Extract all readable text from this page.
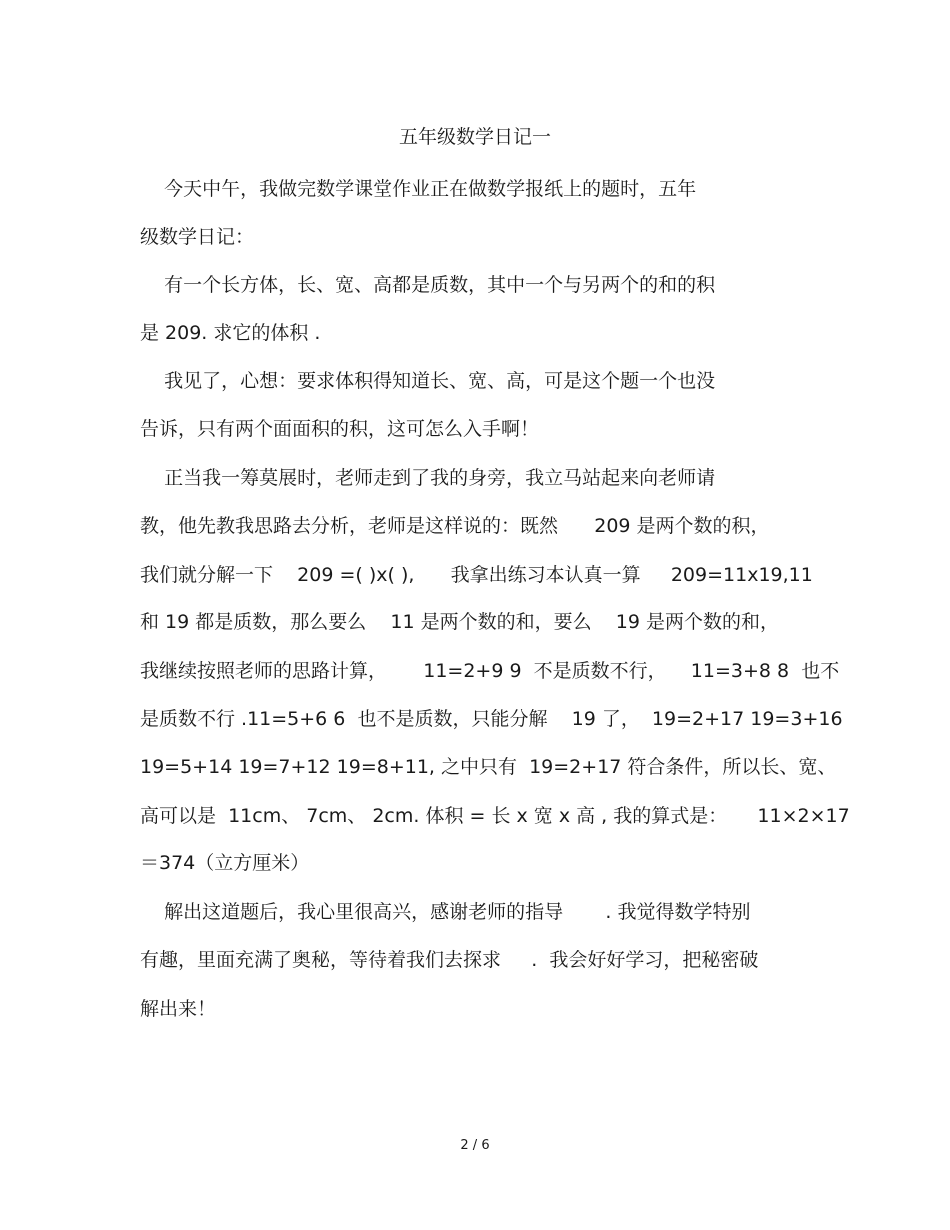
五年级数学日记一
今天中午，我做完数学课堂作业正在做数学报纸上的题时，五年
级数学日记：
有一个长方体，长、宽、高都是质数，其中一个与另两个的和的积
是 209. 求它的体积 .
我见了，心想：要求体积得知道长、宽、高，可是这个题一个也没
告诉，只有两个面面积的积，这可怎么入手啊！
正当我一筹莫展时，老师走到了我的身旁，我立马站起来向老师请
教，他先教我思路去分析，老师是这样说的：既然      209 是两个数的积，
我们就分解一下    209 =( )x( ),      我拿出练习本认真一算     209=11x19,11
和 19 都是质数，那么要么    11 是两个数的和，要么    19 是两个数的和，
我继续按照老师的思路计算，      11=2+9 9  不是质数不行，    11=3+8 8  也不
是质数不行 .11=5+6 6  也不是质数，只能分解    19 了，  19=2+17 19=3+16
19=5+14 19=7+12 19=8+11, 之中只有  19=2+17 符合条件，所以长、宽、
高可以是  11cm、 7cm、 2cm. 体积 = 长 x 宽 x 高 , 我的算式是：     11×2×17
＝374（立方厘米）
解出这道题后，我心里很高兴，感谢老师的指导       . 我觉得数学特别
有趣，里面充满了奥秘，等待着我们去探求     .  我会好好学习，把秘密破
解出来！
2 / 6
